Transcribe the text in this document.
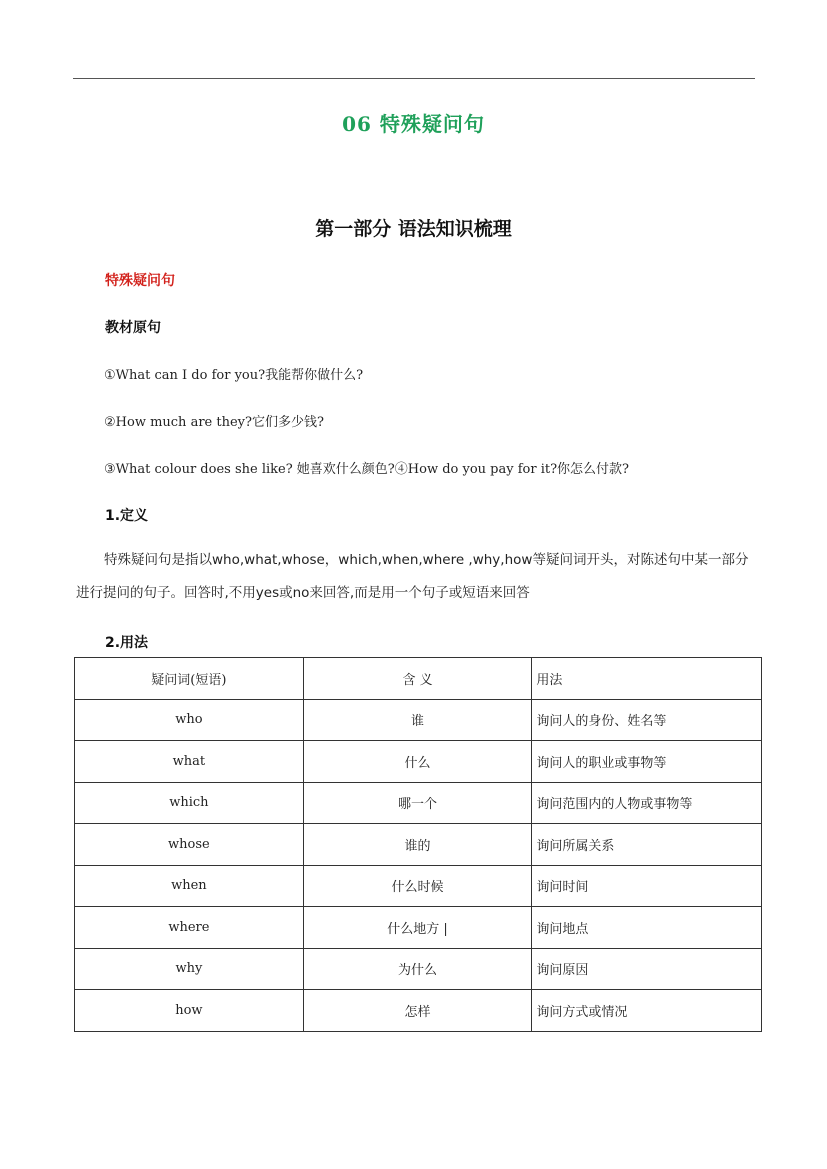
06 特殊疑问句
第一部分 语法知识梳理
特殊疑问句
教材原句
①What can I do for you?我能帮你做什么?
②How much are they?它们多少钱?
③What colour does she like? 她喜欢什么颜色?④How do you pay for it?你怎么付款?
1.定义
特殊疑问句是指以who,what,whose，which,when,where ,why,how等疑问词开头，对陈述句中某一部分进行提问的句子。回答时,不用yes或no来回答,而是用一个句子或短语来回答
2.用法
疑问词(短语)	含 义	用法
who	谁	询问人的身份、姓名等
what	什么	询问人的职业或事物等
which	哪一个	询问范围内的人物或事物等
whose	谁的	询问所属关系
when	什么时候	询问时间
where	什么地方 |	询问地点
why	为什么	询问原因
how	怎样	询问方式或情况
